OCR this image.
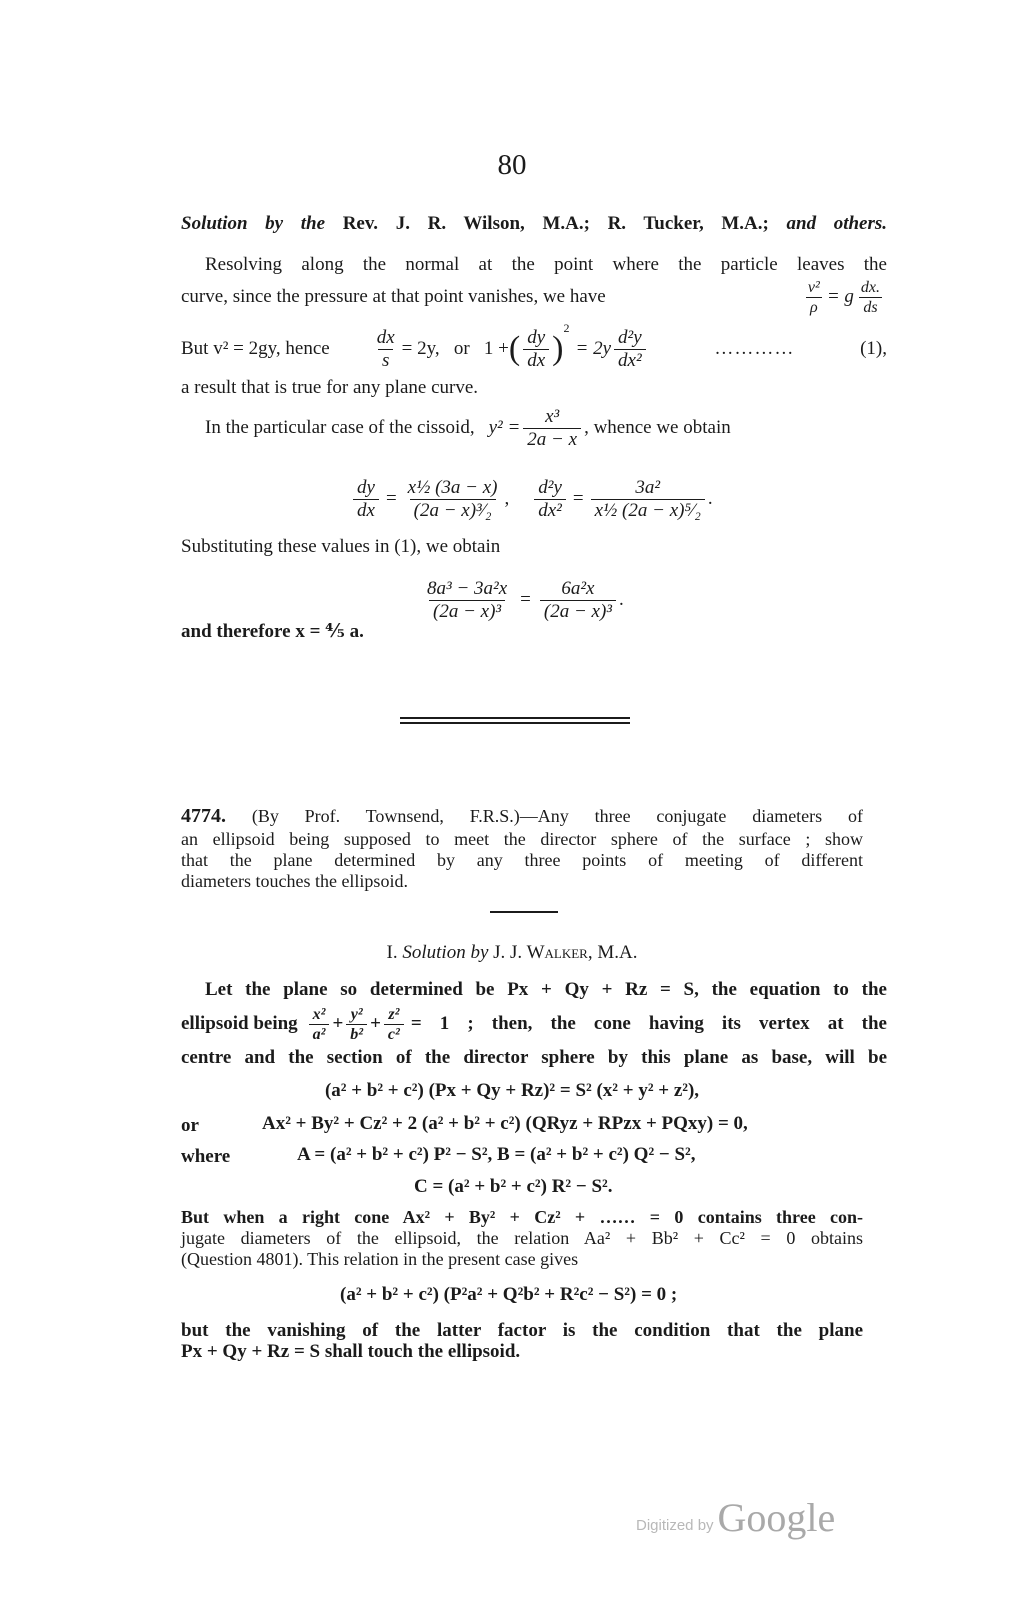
80
Solution by the Rev. J. R. Wilson, M.A.; R. Tucker, M.A.; and others.
Resolving along the normal at the point where the particle leaves the
curve, since the pressure at that point vanishes, we have	$\frac{\text{v²}}{\rho} = g \frac{dx.}{ds}$
But v² = 2gy, hence $\frac{dx}{s} = 2y$,   or   1 + ( $\frac{dy}{dx}$ )
2
= $2y \frac{\text{d²y}}{\text{dx²}}$	…………	(1),
a result that is true for any plane curve.
In the particular case of the cissoid, $y^2 = \frac{\text{x³}}{2a - x}$ , whence we obtain
$\frac{dy}{dx} = \frac{\text{x½ (3a − x)}}{\text{(2a − x)³⁄₂}}$ , $\frac{\text{d²y}}{\text{dx²}} = \frac{\text{3a²}}{\text{x½ (2a − x)⁵⁄₂}}$ .
Substituting these values in (1), we obtain
$\frac{\text{8a³ − 3a²x}}{\text{(2a − x)³}} = \frac{\text{6a²x}}{\text{(2a − x)³}}$ .
and therefore x = ⅘ a.
4774. (By Prof. Townsend, F.R.S.)—Any three conjugate diameters of
an ellipsoid being supposed to meet the director sphere of the surface ; show
that the plane determined by any three points of meeting of different
diameters touches the ellipsoid.
I. Solution by J. J. Walker, M.A.
Let the plane so determined be Px + Qy + Rz = S, the equation to the
ellipsoid being $\frac{\text{x²}}{\text{a²}} + \frac{\text{y²}}{\text{b²}} + \frac{\text{z²}}{\text{c²}} = 1$ ; then, the cone having its vertex at the
centre and the section of the director sphere by this plane as base, will be
(a² + b² + c²) (Px + Qy + Rz)² = S² (x² + y² + z²),
or	Ax² + By² + Cz² + 2 (a² + b² + c²) (QRyz + RPzx + PQxy) = 0,
where	A = (a² + b² + c²) P² − S², B = (a² + b² + c²) Q² − S²,
C = (a² + b² + c²) R² − S².
But when a right cone Ax² + By² + Cz² + …… = 0 contains three con-
jugate diameters of the ellipsoid, the relation Aa² + Bb² + Cc² = 0 obtains
(Question 4801). This relation in the present case gives
(a² + b² + c²) (P²a² + Q²b² + R²c² − S²) = 0 ;
but the vanishing of the latter factor is the condition that the plane
Px + Qy + Rz = S shall touch the ellipsoid.
Digitized by Google
